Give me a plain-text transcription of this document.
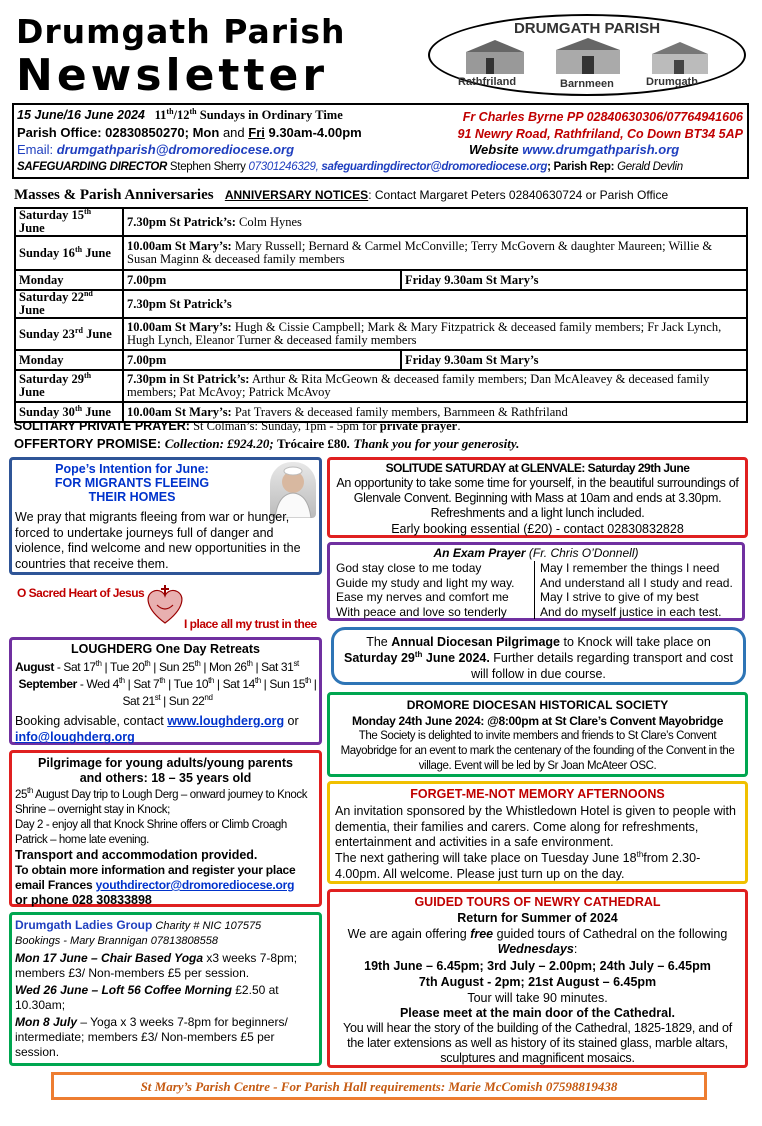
Drumgath Parish
Newsletter
DRUMGATH PARISH
Rathfriland	Barnmeen	Drumgath
15 June/16 June 2024 11th/12th Sundays in Ordinary Time
Parish Office: 02830850270; Mon and Fri 9.30am-4.00pm
Email: drumgathparish@dromorediocese.org
SAFEGUARDING DIRECTOR Stephen Sherry 07301246329, safeguardingdirector@dromorediocese.org; Parish Rep: Gerald Devlin
Fr Charles Byrne PP 02840630306/07764941606
91 Newry Road, Rathfriland, Co Down BT34 5AP
Website www.drumgathparish.org
Masses & Parish Anniversaries ANNIVERSARY NOTICES: Contact Margaret Peters 02840630724 or Parish Office
Saturday 15th June	7.30pm St Patrick’s: Colm Hynes	
Sunday 16th June	10.00am St Mary’s: Mary Russell; Bernard & Carmel McConville; Terry McGovern & daughter Maureen; Willie & Susan Maginn & deceased family members	
Monday	7.00pm	Friday 9.30am St Mary’s
Saturday 22nd June	7.30pm St Patrick’s	
Sunday 23rd June	10.00am St Mary’s: Hugh & Cissie Campbell; Mark & Mary Fitzpatrick & deceased family members; Fr Jack Lynch, Hugh Lynch, Eleanor Turner & deceased family members	
Monday	7.00pm	Friday 9.30am St Mary’s
Saturday 29th June	7.30pm in St Patrick’s: Arthur & Rita McGeown & deceased family members; Dan McAleavey & deceased family members; Pat McAvoy; Patrick McAvoy	
Sunday 30th June	10.00am St Mary’s: Pat Travers & deceased family members, Barnmeen & Rathfriland	
SOLITARY PRIVATE PRAYER: St Colman’s: Sunday, 1pm - 5pm for private prayer.
OFFERTORY PROMISE: Collection: £924.20; Trócaire £80. Thank you for your generosity.
Pope’s Intention for June:
FOR MIGRANTS FLEEING
THEIR HOMES
We pray that migrants fleeing from war or hunger, forced to undertake journeys full of danger and violence, find welcome and new opportunities in the countries that receive them.
O Sacred Heart of Jesus
I place all my trust in thee
LOUGHDERG One Day Retreats
August - Sat 17th | Tue 20th | Sun 25th | Mon 26th | Sat 31st
September - Wed 4th | Sat 7th | Tue 10th | Sat 14th | Sun 15th | Sat 21st | Sun 22nd
Booking advisable, contact www.loughderg.org or
info@loughderg.org
Pilgrimage for young adults/young parents
and others: 18 – 35 years old
25th August Day trip to Lough Derg – onward journey to Knock Shrine – overnight stay in Knock;
Day 2 - enjoy all that Knock Shrine offers or Climb Croagh Patrick – home late evening.
Transport and accommodation provided.
To obtain more information and register your place email Frances youthdirector@dromorediocese.org
or phone 028 30833898
Drumgath Ladies Group Charity # NIC 107575
Bookings - Mary Brannigan 07813808558
Mon 17 June – Chair Based Yoga x3 weeks 7-8pm; members £3/ Non-members £5 per session.
Wed 26 June – Loft 56 Coffee Morning £2.50 at 10.30am;
Mon 8 July – Yoga x 3 weeks 7-8pm for beginners/ intermediate; members £3/ Non-members £5 per session.
SOLITUDE SATURDAY at GLENVALE: Saturday 29th June
An opportunity to take some time for yourself, in the beautiful surroundings of Glenvale Convent. Beginning with Mass at 10am and ends at 3.30pm. Refreshments and a light lunch included.
Early booking essential (£20) - contact 02830832828
An Exam Prayer (Fr. Chris O’Donnell)
God stay close to me today
Guide my study and light my way.
Ease my nerves and comfort me
With peace and love so tenderly
May I remember the things I need
And understand all I study and read.
May I strive to give of my best
And do myself justice in each test.
The Annual Diocesan Pilgrimage to Knock will take place on Saturday 29th June 2024. Further details regarding transport and cost will follow in due course.
DROMORE DIOCESAN HISTORICAL SOCIETY
Monday 24th June 2024: @8:00pm at St Clare’s Convent Mayobridge
The Society is delighted to invite members and friends to St Clare’s Convent Mayobridge for an event to mark the centenary of the founding of the Convent in the village. Event will be led by Sr Joan McAteer OSC.
FORGET-ME-NOT MEMORY AFTERNOONS
An invitation sponsored by the Whistledown Hotel is given to people with dementia, their families and carers. Come along for refreshments, entertainment and activities in a safe environment.
The next gathering will take place on Tuesday June 18thfrom 2.30-4.00pm. All welcome. Please just turn up on the day.
GUIDED TOURS OF NEWRY CATHEDRAL
Return for Summer of 2024
We are again offering free guided tours of Cathedral on the following Wednesdays:
19th June – 6.45pm; 3rd July – 2.00pm; 24th July – 6.45pm
7th August - 2pm; 21st August – 6.45pm
Tour will take 90 minutes.
Please meet at the main door of the Cathedral.
You will hear the story of the building of the Cathedral, 1825-1829, and of the later extensions as well as history of its stained glass, marble altars, sculptures and magnificent mosaics.
St Mary’s Parish Centre - For Parish Hall requirements: Marie McComish 07598819438
